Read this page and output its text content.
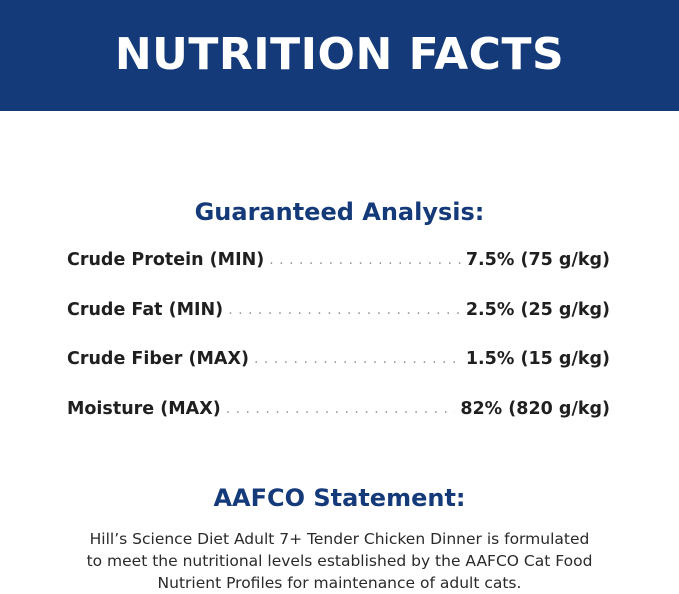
NUTRITION FACTS
Guaranteed Analysis:
Crude Protein (MIN) . . .	7.5% (75 g/kg)
Crude Fat (MIN) . . .	2.5% (25 g/kg)
Crude Fiber (MAX) . . .	1.5% (15 g/kg)
Moisture (MAX) . . .	82% (820 g/kg)
AAFCO Statement:
Hill’s Science Diet Adult 7+ Tender Chicken Dinner is formulated
to meet the nutritional levels established by the AAFCO Cat Food
Nutrient Profiles for maintenance of adult cats.
